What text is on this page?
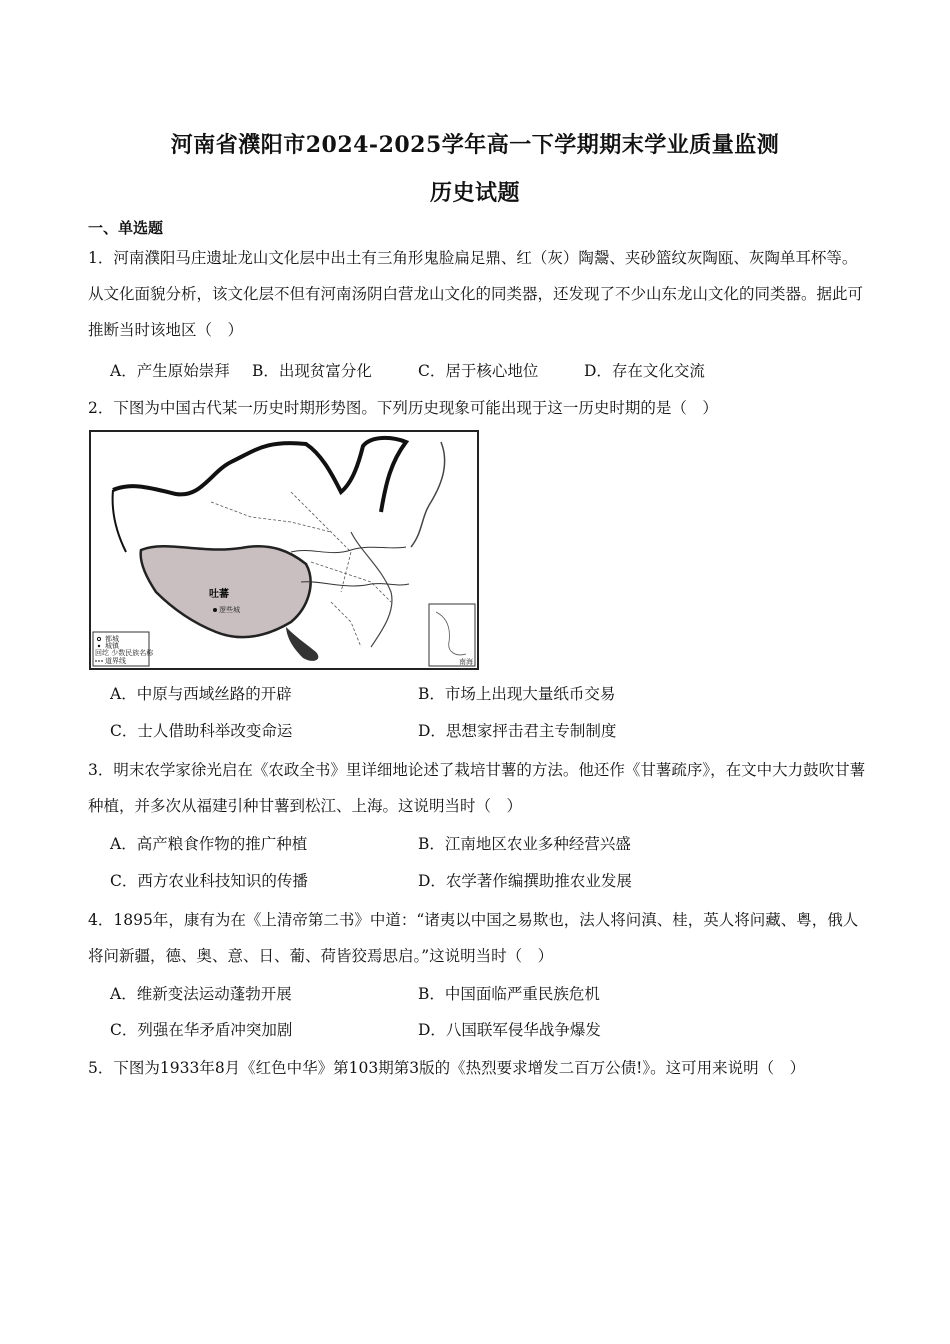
河南省濮阳市2024-2025学年高一下学期期末学业质量监测
历史试题
一、单选题
1．河南濮阳马庄遗址龙山文化层中出土有三角形鬼脸扁足鼎、红（灰）陶鬶、夹砂篮纹灰陶瓯、灰陶单耳杯等。从文化面貌分析，该文化层不但有河南汤阴白营龙山文化的同类器，还发现了不少山东龙山文化的同类器。据此可推断当时该地区（　）
A．产生原始崇拜 B．出现贫富分化	C．居于核心地位	D．存在文化交流
2．下图为中国古代某一历史时期形势图。下列历史现象可能出现于这一历史时期的是（　）
吐蕃
逻些城
都城
城镇
回纥 少数民族名称
道界线	南海
A．中原与西域丝路的开辟	B．市场上出现大量纸币交易
C．士人借助科举改变命运	D．思想家抨击君主专制制度
3．明末农学家徐光启在《农政全书》里详细地论述了栽培甘薯的方法。他还作《甘薯疏序》，在文中大力鼓吹甘薯种植，并多次从福建引种甘薯到松江、上海。这说明当时（　）
A．高产粮食作物的推广种植	B．江南地区农业多种经营兴盛
C．西方农业科技知识的传播	D．农学著作编撰助推农业发展
4．1895年，康有为在《上清帝第二书》中道：“诸夷以中国之易欺也，法人将问滇、桂，英人将问藏、粤，俄人将问新疆，德、奥、意、日、葡、荷皆狡焉思启。”这说明当时（　）
A．维新变法运动蓬勃开展	B．中国面临严重民族危机
C．列强在华矛盾冲突加剧	D．八国联军侵华战争爆发
5．下图为1933年8月《红色中华》第103期第3版的《热烈要求增发二百万公债!》。这可用来说明（　）
